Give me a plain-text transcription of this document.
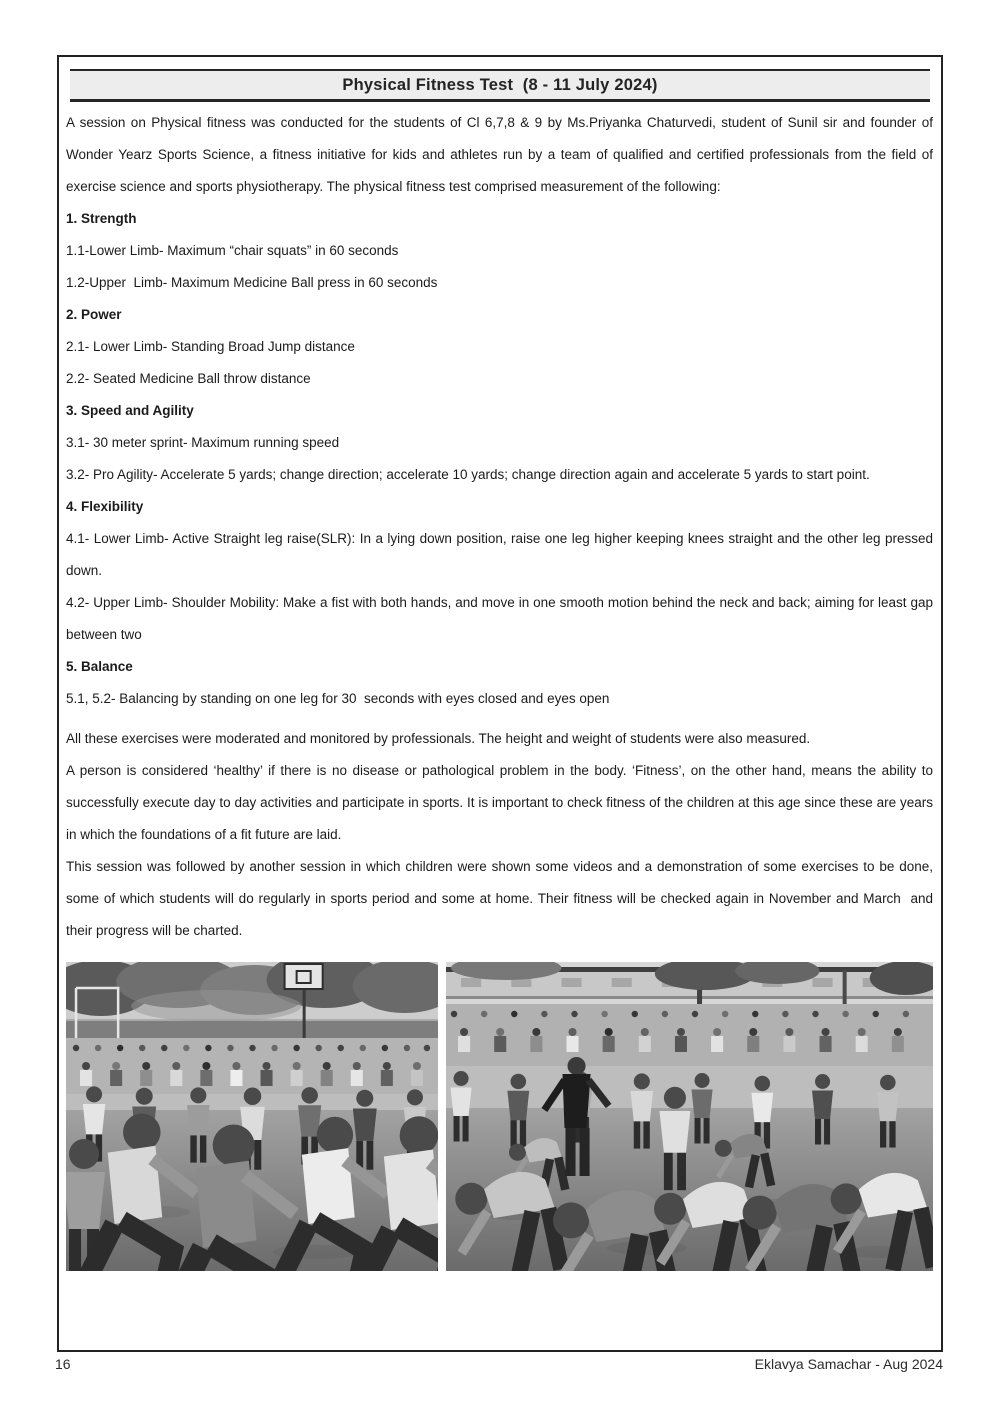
Physical Fitness Test  (8 - 11 July 2024)

A session on Physical fitness was conducted for the students of Cl 6,7,8 & 9 by Ms.Priyanka Chaturvedi, student of Sunil sir and founder of Wonder Yearz Sports Science, a fitness initiative for kids and athletes run by a team of qualified and certified professionals from the field of exercise science and sports physiotherapy. The physical fitness test comprised measurement of the following:

1. Strength

1.1-Lower Limb- Maximum “chair squats” in 60 seconds

1.2-Upper  Limb- Maximum Medicine Ball press in 60 seconds

2. Power

2.1- Lower Limb- Standing Broad Jump distance

2.2- Seated Medicine Ball throw distance

3. Speed and Agility

3.1- 30 meter sprint- Maximum running speed

3.2- Pro Agility- Accelerate 5 yards; change direction; accelerate 10 yards; change direction again and accelerate 5 yards to start point.

4. Flexibility

4.1- Lower Limb- Active Straight leg raise(SLR): In a lying down position, raise one leg higher keeping knees straight and the other leg pressed down.

4.2- Upper Limb- Shoulder Mobility: Make a fist with both hands, and move in one smooth motion behind the neck and back; aiming for least gap between two

5. Balance

5.1, 5.2- Balancing by standing on one leg for 30  seconds with eyes closed and eyes open

All these exercises were moderated and monitored by professionals. The height and weight of students were also measured.

A person is considered ‘healthy’ if there is no disease or pathological problem in the body. ‘Fitness’, on the other hand, means the ability to successfully execute day to day activities and participate in sports. It is important to check fitness of the children at this age since these are years in which the foundations of a fit future are laid.

This session was followed by another session in which children were shown some videos and a demonstration of some exercises to be done, some of which students will do regularly in sports period and some at home. Their fitness will be checked again in November and March  and their progress will be charted.

16	Eklavya Samachar - Aug 2024
